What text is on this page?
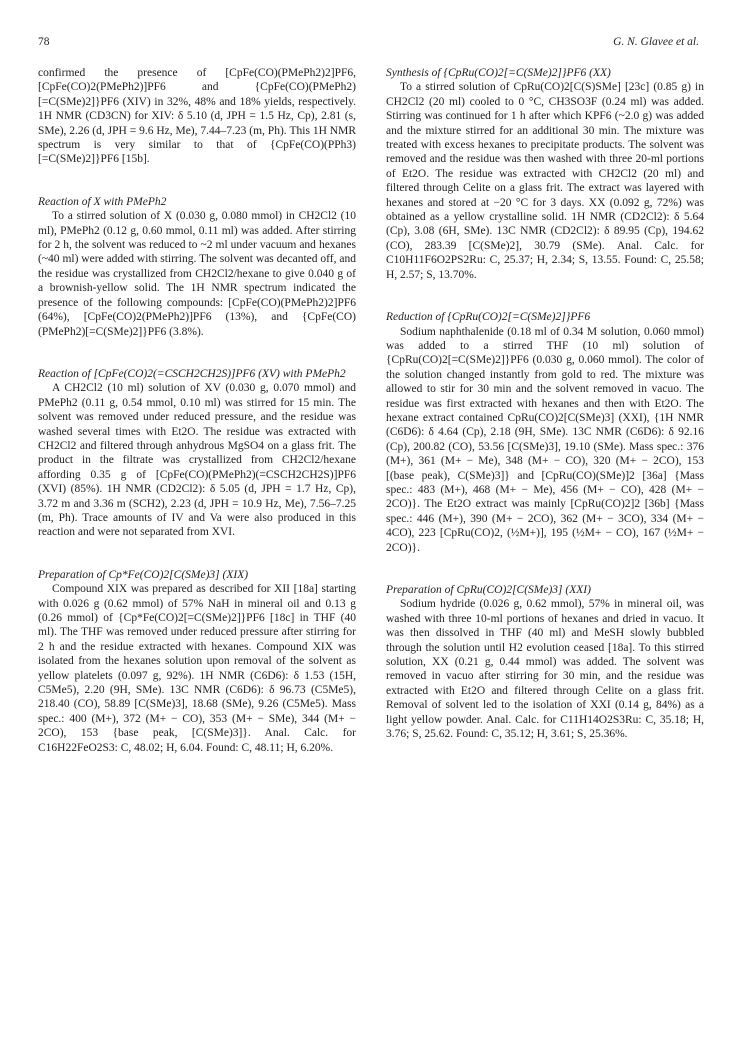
78	G. N. Glavee et al.

confirmed the presence of [CpFe(CO)(PMePh2)2]PF6, [CpFe(CO)2(PMePh2)]PF6 and {CpFe(CO)(PMePh2)[=C(SMe)2]}PF6 (XIV) in 32%, 48% and 18% yields, respectively. 1H NMR (CD3CN) for XIV: δ 5.10 (d, JPH = 1.5 Hz, Cp), 2.81 (s, SMe), 2.26 (d, JPH = 9.6 Hz, Me), 7.44–7.23 (m, Ph). This 1H NMR spectrum is very similar to that of {CpFe(CO)(PPh3)[=C(SMe)2]}PF6 [15b].

Reaction of X with PMePh2

To a stirred solution of X (0.030 g, 0.080 mmol) in CH2Cl2 (10 ml), PMePh2 (0.12 g, 0.60 mmol, 0.11 ml) was added. After stirring for 2 h, the solvent was reduced to ~2 ml under vacuum and hexanes (~40 ml) were added with stirring. The solvent was decanted off, and the residue was crystallized from CH2Cl2/hexane to give 0.040 g of a brownish-yellow solid. The 1H NMR spectrum indicated the presence of the following compounds: [CpFe(CO)(PMePh2)2]PF6 (64%), [CpFe(CO)2(PMePh2)]PF6 (13%), and {CpFe(CO)(PMePh2)[=C(SMe)2]}PF6 (3.8%).

Reaction of [CpFe(CO)2(=CSCH2CH2S)]PF6 (XV) with PMePh2

A CH2Cl2 (10 ml) solution of XV (0.030 g, 0.070 mmol) and PMePh2 (0.11 g, 0.54 mmol, 0.10 ml) was stirred for 15 min. The solvent was removed under reduced pressure, and the residue was washed several times with Et2O. The residue was extracted with CH2Cl2 and filtered through anhydrous MgSO4 on a glass frit. The product in the filtrate was crystallized from CH2Cl2/hexane affording 0.35 g of [CpFe(CO)(PMePh2)(=CSCH2CH2S)]PF6 (XVI) (85%). 1H NMR (CD2Cl2): δ 5.05 (d, JPH = 1.7 Hz, Cp), 3.72 m and 3.36 m (SCH2), 2.23 (d, JPH = 10.9 Hz, Me), 7.56–7.25 (m, Ph). Trace amounts of IV and Va were also produced in this reaction and were not separated from XVI.

Preparation of Cp*Fe(CO)2[C(SMe)3] (XIX)

Compound XIX was prepared as described for XII [18a] starting with 0.026 g (0.62 mmol) of 57% NaH in mineral oil and 0.13 g (0.26 mmol) of {Cp*Fe(CO)2[=C(SMe)2]}PF6 [18c] in THF (40 ml). The THF was removed under reduced pressure after stirring for 2 h and the residue extracted with hexanes. Compound XIX was isolated from the hexanes solution upon removal of the solvent as yellow platelets (0.097 g, 92%). 1H NMR (C6D6): δ 1.53 (15H, C5Me5), 2.20 (9H, SMe). 13C NMR (C6D6): δ 96.73 (C5Me5), 218.40 (CO), 58.89 [C(SMe)3], 18.68 (SMe), 9.26 (C5Me5). Mass spec.: 400 (M+), 372 (M+ − CO), 353 (M+ − SMe), 344 (M+ − 2CO), 153 {base peak, [C(SMe)3]}. Anal. Calc. for C16H22FeO2S3: C, 48.02; H, 6.04. Found: C, 48.11; H, 6.20%.

Synthesis of {CpRu(CO)2[=C(SMe)2]}PF6 (XX)

To a stirred solution of CpRu(CO)2[C(S)SMe] [23c] (0.85 g) in CH2Cl2 (20 ml) cooled to 0 °C, CH3SO3F (0.24 ml) was added. Stirring was continued for 1 h after which KPF6 (~2.0 g) was added and the mixture stirred for an additional 30 min. The mixture was treated with excess hexanes to precipitate products. The solvent was removed and the residue was then washed with three 20-ml portions of Et2O. The residue was extracted with CH2Cl2 (20 ml) and filtered through Celite on a glass frit. The extract was layered with hexanes and stored at −20 °C for 3 days. XX (0.092 g, 72%) was obtained as a yellow crystalline solid. 1H NMR (CD2Cl2): δ 5.64 (Cp), 3.08 (6H, SMe). 13C NMR (CD2Cl2): δ 89.95 (Cp), 194.62 (CO), 283.39 [C(SMe)2], 30.79 (SMe). Anal. Calc. for C10H11F6O2PS2Ru: C, 25.37; H, 2.34; S, 13.55. Found: C, 25.58; H, 2.57; S, 13.70%.

Reduction of {CpRu(CO)2[=C(SMe)2]}PF6

Sodium naphthalenide (0.18 ml of 0.34 M solution, 0.060 mmol) was added to a stirred THF (10 ml) solution of {CpRu(CO)2[=C(SMe)2]}PF6 (0.030 g, 0.060 mmol). The color of the solution changed instantly from gold to red. The mixture was allowed to stir for 30 min and the solvent removed in vacuo. The residue was first extracted with hexanes and then with Et2O. The hexane extract contained CpRu(CO)2[C(SMe)3] (XXI), {1H NMR (C6D6): δ 4.64 (Cp), 2.18 (9H, SMe). 13C NMR (C6D6): δ 92.16 (Cp), 200.82 (CO), 53.56 [C(SMe)3], 19.10 (SMe). Mass spec.: 376 (M+), 361 (M+ − Me), 348 (M+ − CO), 320 (M+ − 2CO), 153 [(base peak), C(SMe)3]} and [CpRu(CO)(SMe)]2 [36a] {Mass spec.: 483 (M+), 468 (M+ − Me), 456 (M+ − CO), 428 (M+ − 2CO)}. The Et2O extract was mainly [CpRu(CO)2]2 [36b] {Mass spec.: 446 (M+), 390 (M+ − 2CO), 362 (M+ − 3CO), 334 (M+ − 4CO), 223 [CpRu(CO)2, (½M+)], 195 (½M+ − CO), 167 (½M+ − 2CO)}.

Preparation of CpRu(CO)2[C(SMe)3] (XXI)

Sodium hydride (0.026 g, 0.62 mmol), 57% in mineral oil, was washed with three 10-ml portions of hexanes and dried in vacuo. It was then dissolved in THF (40 ml) and MeSH slowly bubbled through the solution until H2 evolution ceased [18a]. To this stirred solution, XX (0.21 g, 0.44 mmol) was added. The solvent was removed in vacuo after stirring for 30 min, and the residue was extracted with Et2O and filtered through Celite on a glass frit. Removal of solvent led to the isolation of XXI (0.14 g, 84%) as a light yellow powder. Anal. Calc. for C11H14O2S3Ru: C, 35.18; H, 3.76; S, 25.62. Found: C, 35.12; H, 3.61; S, 25.36%.
